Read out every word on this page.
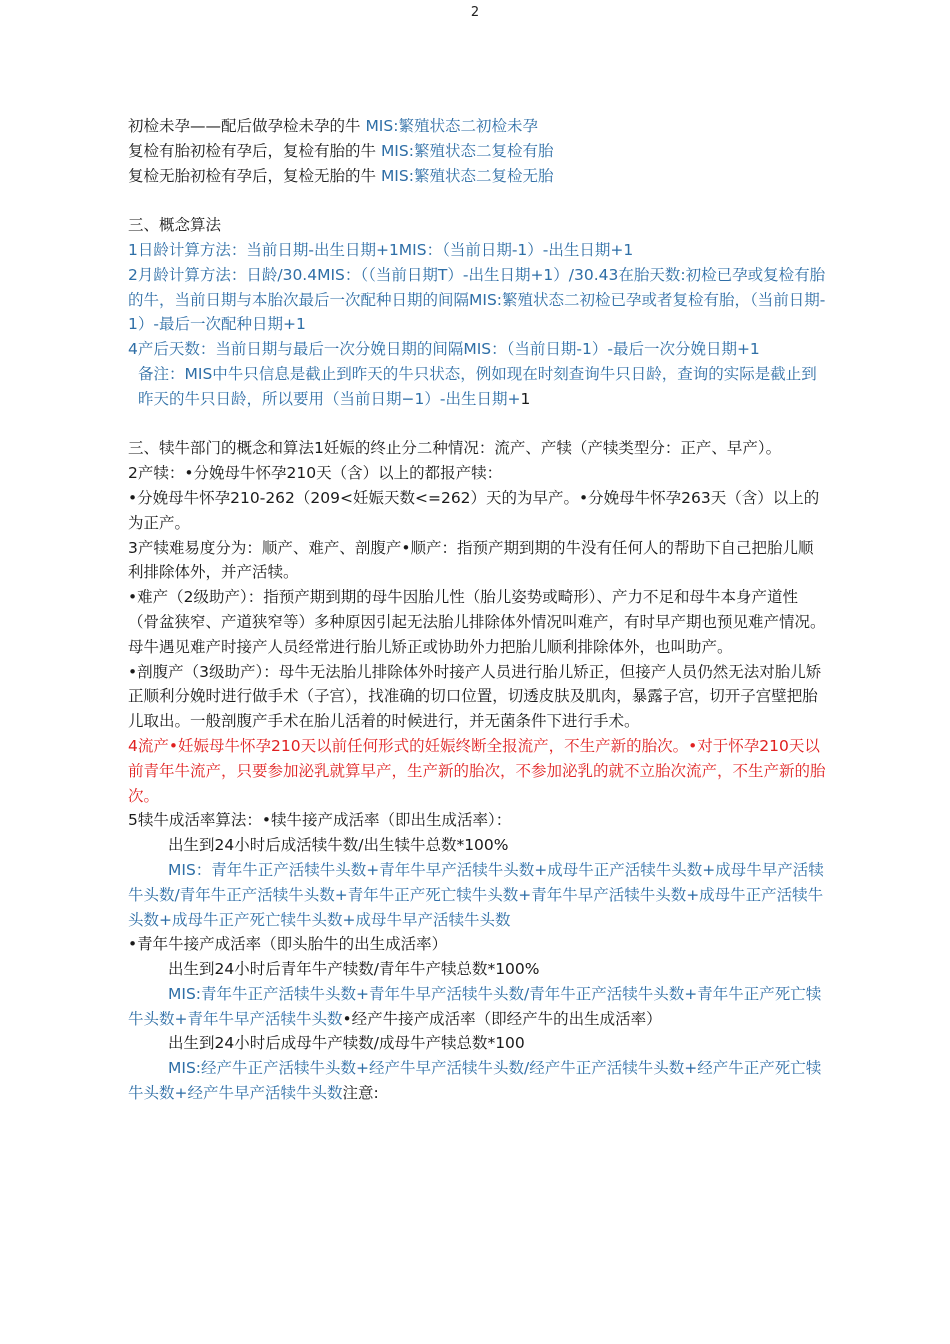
2

初检未孕——配后做孕检未孕的牛 MIS:繁殖状态二初检未孕

复检有胎初检有孕后，复检有胎的牛 MIS:繁殖状态二复检有胎

复检无胎初检有孕后，复检无胎的牛 MIS:繁殖状态二复检无胎

三、概念算法

1日龄计算方法：当前日期-出生日期+1MIS：（当前日期-1）-出生日期+1

2月龄计算方法：日龄/30.4MIS：（（当前日期T）-出生日期+1）/30.43在胎天数:初检已孕或复检有胎的牛，当前日期与本胎次最后一次配种日期的间隔MIS:繁殖状态二初检已孕或者复检有胎，（当前日期-1）-最后一次配种日期+1

4产后天数：当前日期与最后一次分娩日期的间隔MIS：（当前日期-1）-最后一次分娩日期+1

备注：MIS中牛只信息是截止到昨天的牛只状态，例如现在时刻查询牛只日龄，查询的实际是截止到昨天的牛只日龄，所以要用（当前日期−1）-出生日期+1

三、犊牛部门的概念和算法1妊娠的终止分二种情况：流产、产犊（产犊类型分：正产、早产）。

2产犊：•分娩母牛怀孕210天（含）以上的都报产犊：

•分娩母牛怀孕210-262（209<妊娠天数<=262）天的为早产。•分娩母牛怀孕263天（含）以上的为正产。

3产犊难易度分为：顺产、难产、剖腹产•顺产：指预产期到期的牛没有任何人的帮助下自己把胎儿顺利排除体外，并产活犊。

•难产（2级助产）：指预产期到期的母牛因胎儿性（胎儿姿势或畸形）、产力不足和母牛本身产道性（骨盆狭窄、产道狭窄等）多种原因引起无法胎儿排除体外情况叫难产，有时早产期也预见难产情况。母牛遇见难产时接产人员经常进行胎儿矫正或协助外力把胎儿顺利排除体外，也叫助产。

•剖腹产（3级助产）：母牛无法胎儿排除体外时接产人员进行胎儿矫正，但接产人员仍然无法对胎儿矫正顺利分娩时进行做手术（子宫），找准确的切口位置，切透皮肤及肌肉，暴露子宫，切开子宫壁把胎儿取出。一般剖腹产手术在胎儿活着的时候进行，并无菌条件下进行手术。

4流产•妊娠母牛怀孕210天以前任何形式的妊娠终断全报流产，不生产新的胎次。•对于怀孕210天以前青年牛流产，只要参加泌乳就算早产，生产新的胎次，不参加泌乳的就不立胎次流产，不生产新的胎次。

5犊牛成活率算法：•犊牛接产成活率（即出生成活率）：

出生到24小时后成活犊牛数/出生犊牛总数*100%

MIS：青年牛正产活犊牛头数+青年牛早产活犊牛头数+成母牛正产活犊牛头数+成母牛早产活犊牛头数/青年牛正产活犊牛头数+青年牛正产死亡犊牛头数+青年牛早产活犊牛头数+成母牛正产活犊牛头数+成母牛正产死亡犊牛头数+成母牛早产活犊牛头数•青年牛接产成活率（即头胎牛的出生成活率）

出生到24小时后青年牛产犊数/青年牛产犊总数*100%

MIS:青年牛正产活犊牛头数+青年牛早产活犊牛头数/青年牛正产活犊牛头数+青年牛正产死亡犊牛头数+青年牛早产活犊牛头数•经产牛接产成活率（即经产牛的出生成活率）

出生到24小时后成母牛产犊数/成母牛产犊总数*100

MIS:经产牛正产活犊牛头数+经产牛早产活犊牛头数/经产牛正产活犊牛头数+经产牛正产死亡犊牛头数+经产牛早产活犊牛头数注意:
